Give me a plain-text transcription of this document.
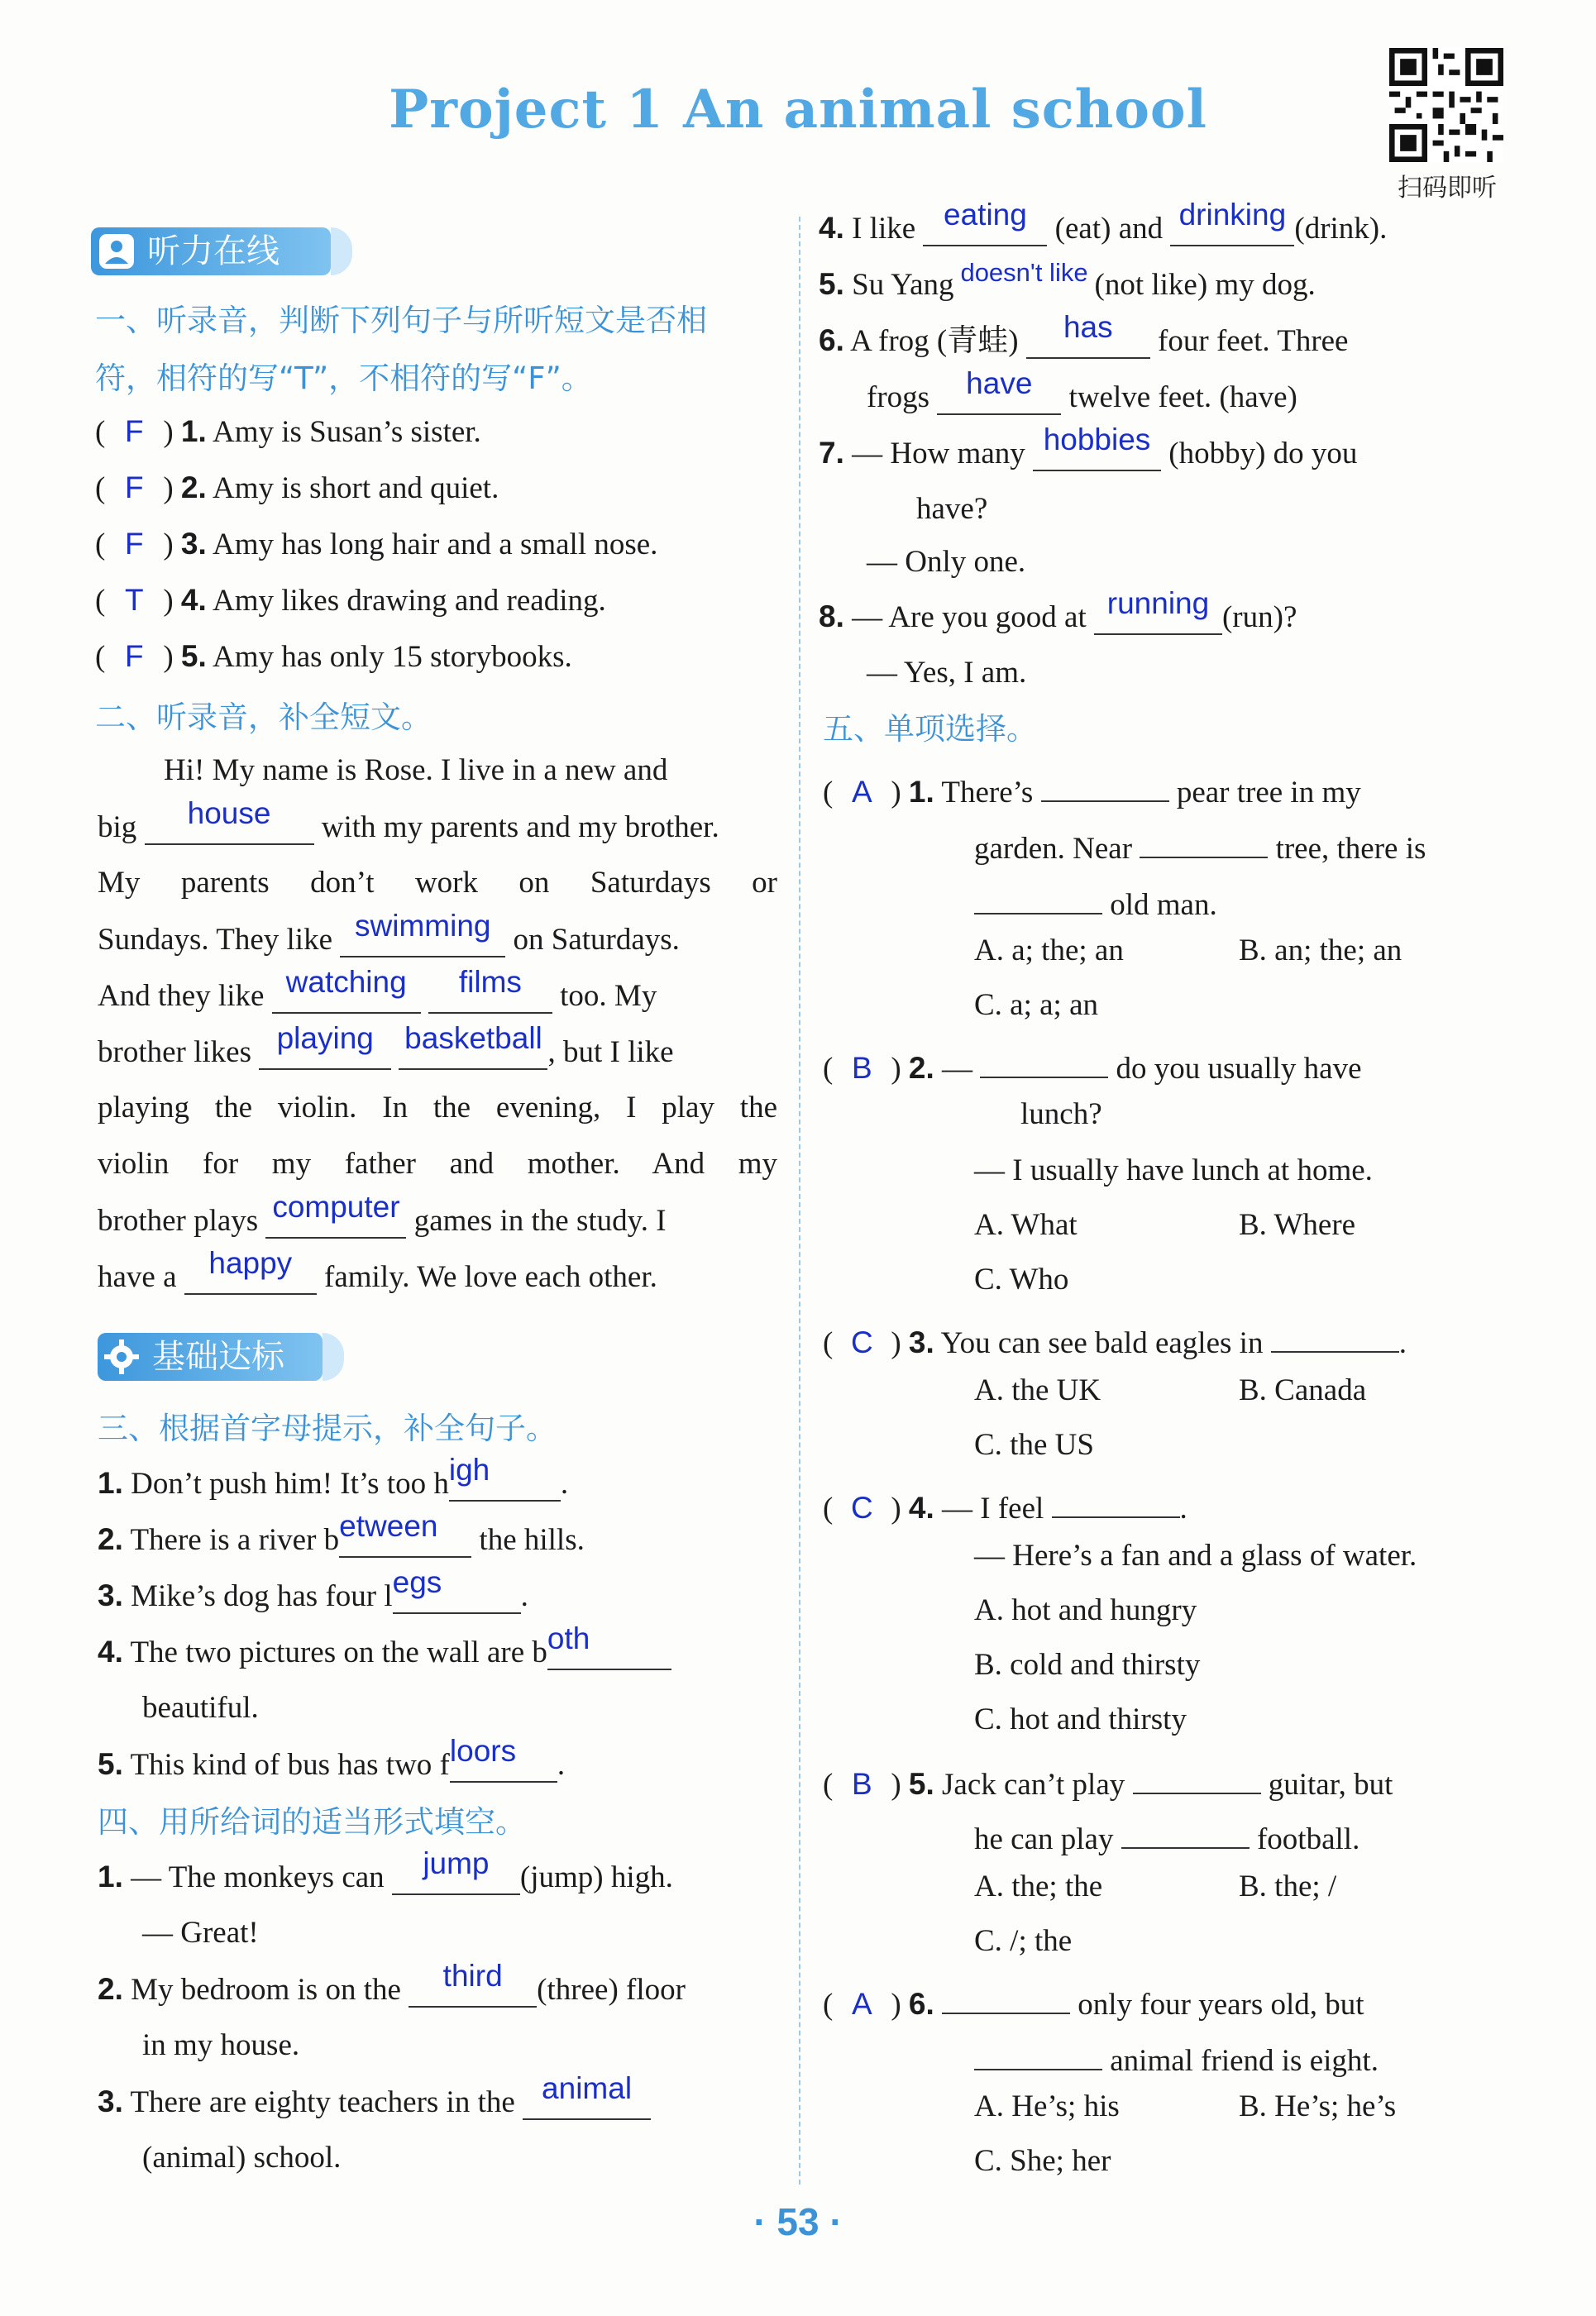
Project 1 An animal school
扫码即听
听力在线
一、听录音，判断下列句子与所听短文是否相
符，相符的写“T”，不相符的写“F”。
( F ) 1. Amy is Susan’s sister.
( F ) 2. Amy is short and quiet.
( F ) 3. Amy has long hair and a small nose.
( T ) 4. Amy likes drawing and reading.
( F ) 5. Amy has only 15 storybooks.
二、听录音，补全短文。
Hi! My name is Rose. I live in a new and
big house with my parents and my brother.
My parents don’t work on Saturdays or
Sundays. They like swimming on Saturdays.
And they like watching films too. My
brother likes playing basketball , but I like
playing the violin. In the evening, I play the
violin for my father and mother. And my
brother plays computer games in the study. I
have a happy family. We love each other.
基础达标
三、根据首字母提示，补全句子。
1. Don’t push him! It’s too high .
2. There is a river between the hills.
3. Mike’s dog has four legs	.
4. The two pictures on the wall are both
beautiful.
5. This kind of bus has two floors .
四、用所给词的适当形式填空。
1. — The monkeys can jump (jump) high.
— Great!
2. My bedroom is on the third (three) floor
in my house.
3. There are eighty teachers in the animal
(animal) school.
4. I like eating (eat) and drinking (drink).
5. Su Yang $^{doesn't like}$ (not like) my dog.
6. A frog (青蛙) has four feet. Three
frogs have twelve feet. (have)
7. — How many hobbies (hobby) do you
have?
— Only one.
8. — Are you good at running (run)?
— Yes, I am.
五、单项选择。
( A ) 1. There’s	pear tree in my
garden. Near	tree, there is
old man.
A. a; the; an	B. an; the; an
C. a; a; an
( B ) 2. —	do you usually have
lunch?
— I usually have lunch at home.
A. What	B. Where
C. Who
( C ) 3. You can see bald eagles in	.
A. the UK	B. Canada
C. the US
( C ) 4. — I feel	.
— Here’s a fan and a glass of water.
A. hot and hungry
B. cold and thirsty
C. hot and thirsty
( B ) 5. Jack can’t play	guitar, but
he can play	football.
A. the; the	B. the; /
C. /; the
( A ) 6.	only four years old, but
animal friend is eight.
A. He’s; his	B. He’s; he’s
C. She; her
· 53 ·
